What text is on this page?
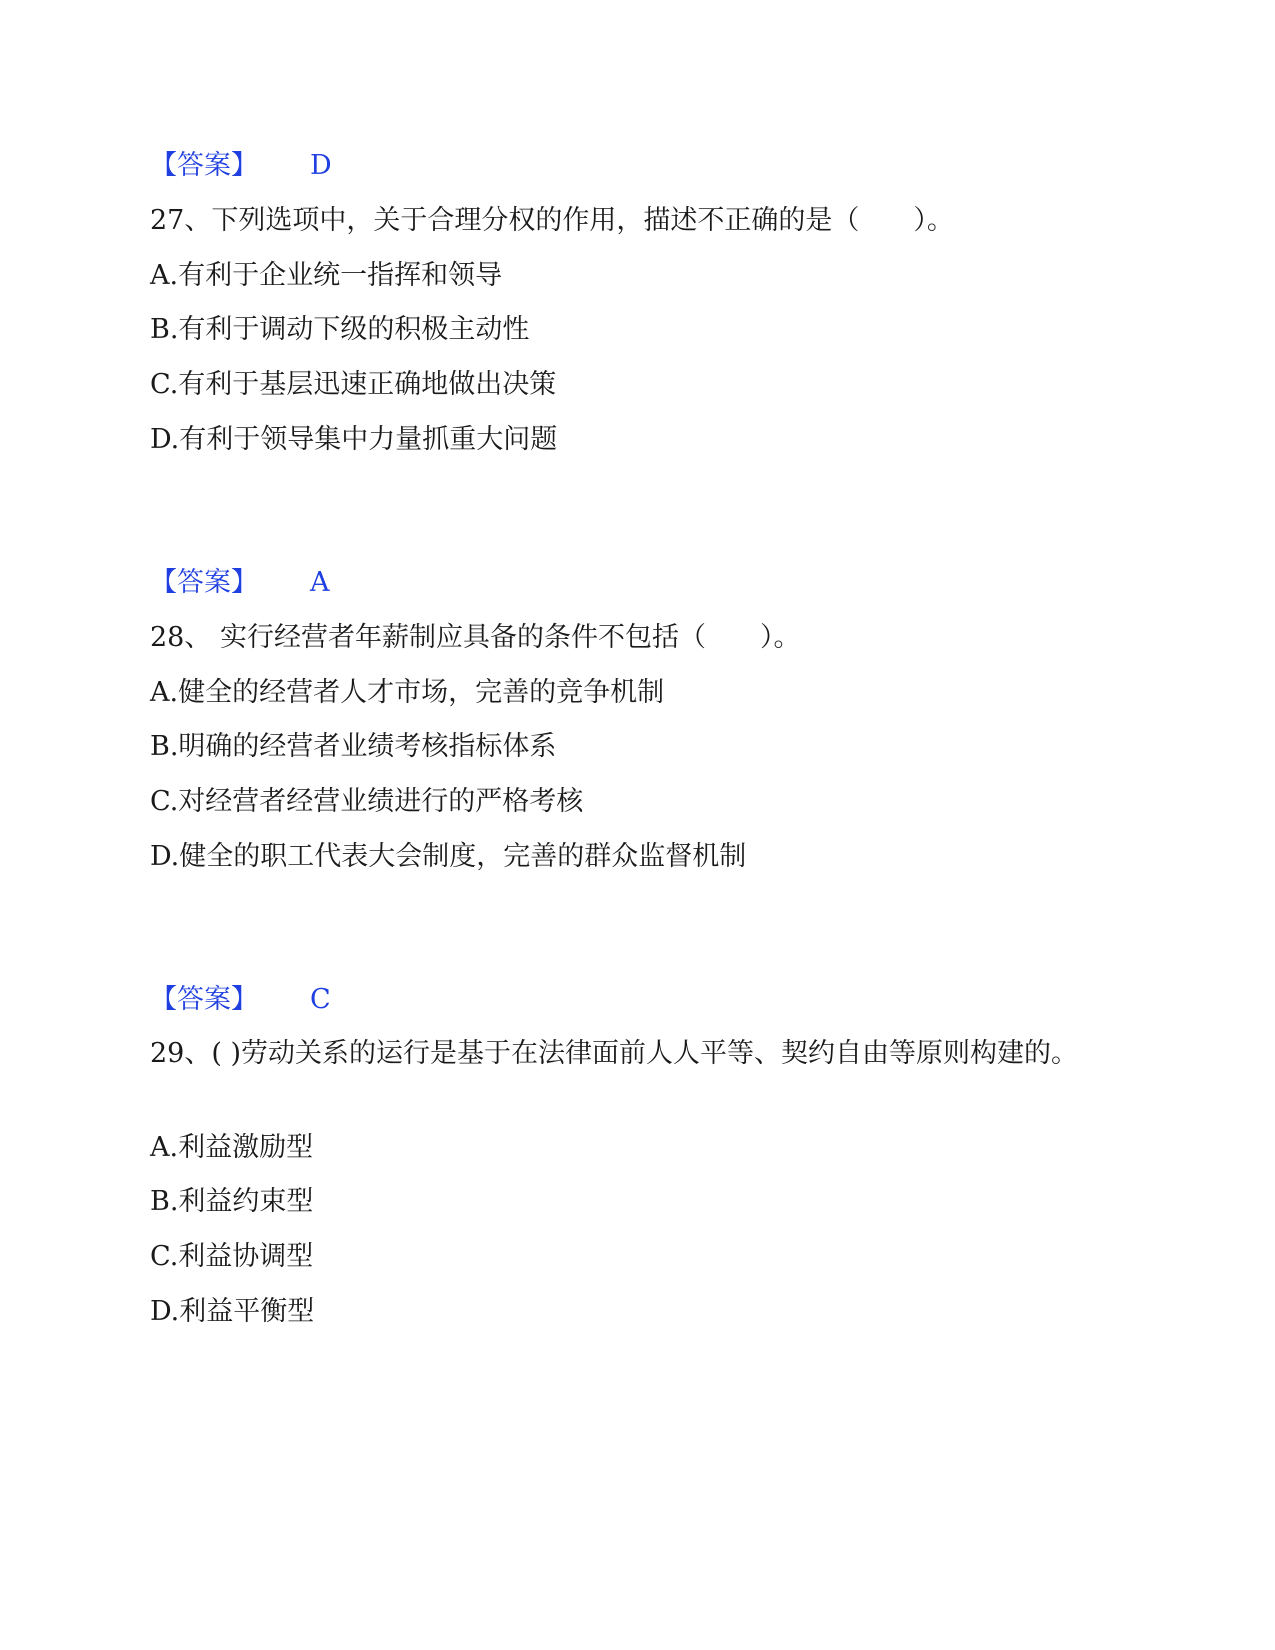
【答案】 D
27、下列选项中，关于合理分权的作用，描述不正确的是（　　）。
A.有利于企业统一指挥和领导
B.有利于调动下级的积极主动性
C.有利于基层迅速正确地做出决策
D.有利于领导集中力量抓重大问题
【答案】 A
28、 实行经营者年薪制应具备的条件不包括（　　）。
A.健全的经营者人才市场，完善的竞争机制
B.明确的经营者业绩考核指标体系
C.对经营者经营业绩进行的严格考核
D.健全的职工代表大会制度，完善的群众监督机制
【答案】 C
29、( )劳动关系的运行是基于在法律面前人人平等、契约自由等原则构建的。
A.利益激励型
B.利益约束型
C.利益协调型
D.利益平衡型
